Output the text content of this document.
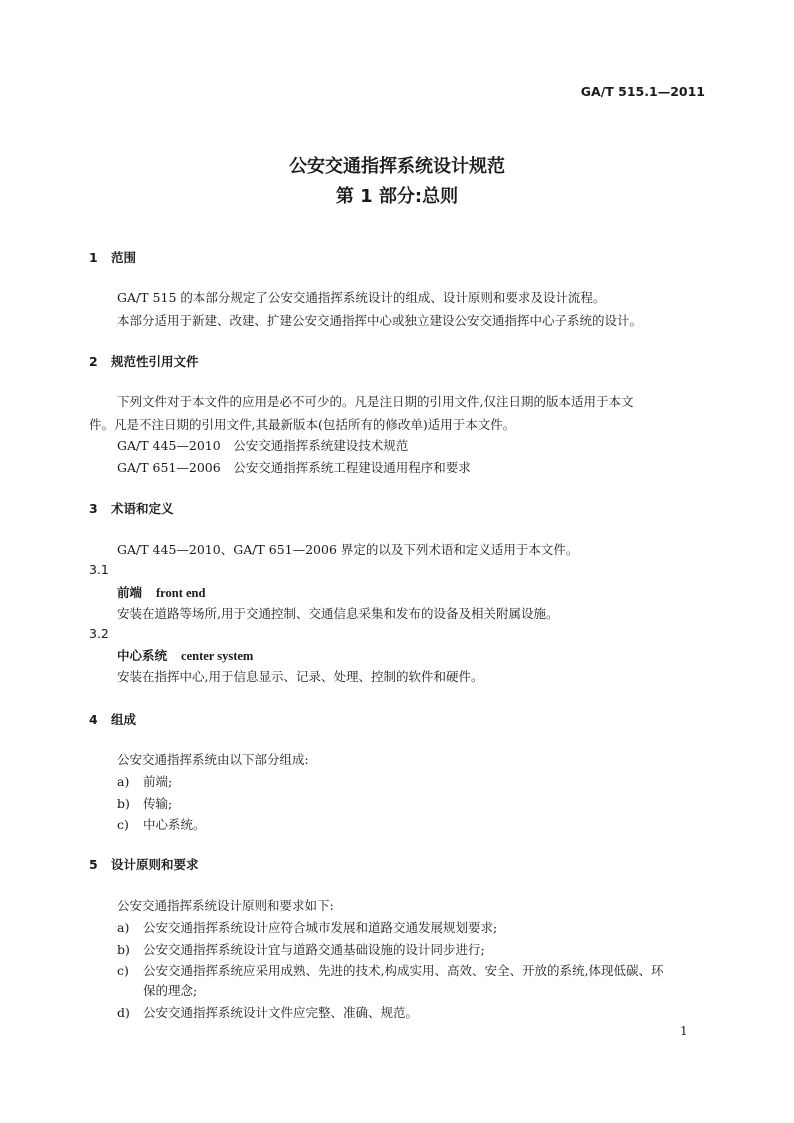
GA/T 515.1—2011
公安交通指挥系统设计规范
第 1 部分:总则
1 范围
GA/T 515 的本部分规定了公安交通指挥系统设计的组成、设计原则和要求及设计流程。
本部分适用于新建、改建、扩建公安交通指挥中心或独立建设公安交通指挥中心子系统的设计。
2 规范性引用文件
下列文件对于本文件的应用是必不可少的。凡是注日期的引用文件,仅注日期的版本适用于本文
件。凡是不注日期的引用文件,其最新版本(包括所有的修改单)适用于本文件。
GA/T 445—2010　公安交通指挥系统建设技术规范
GA/T 651—2006　公安交通指挥系统工程建设通用程序和要求
3 术语和定义
GA/T 445—2010、GA/T 651—2006 界定的以及下列术语和定义适用于本文件。
3.1
前端 front end
安装在道路等场所,用于交通控制、交通信息采集和发布的设备及相关附属设施。
3.2
中心系统 center system
安装在指挥中心,用于信息显示、记录、处理、控制的软件和硬件。
4 组成
公安交通指挥系统由以下部分组成:
a) 前端;
b) 传输;
c) 中心系统。
5 设计原则和要求
公安交通指挥系统设计原则和要求如下:
a) 公安交通指挥系统设计应符合城市发展和道路交通发展规划要求;
b) 公安交通指挥系统设计宜与道路交通基础设施的设计同步进行;
c) 公安交通指挥系统应采用成熟、先进的技术,构成实用、高效、安全、开放的系统,体现低碳、环
保的理念;
d) 公安交通指挥系统设计文件应完整、准确、规范。
1
